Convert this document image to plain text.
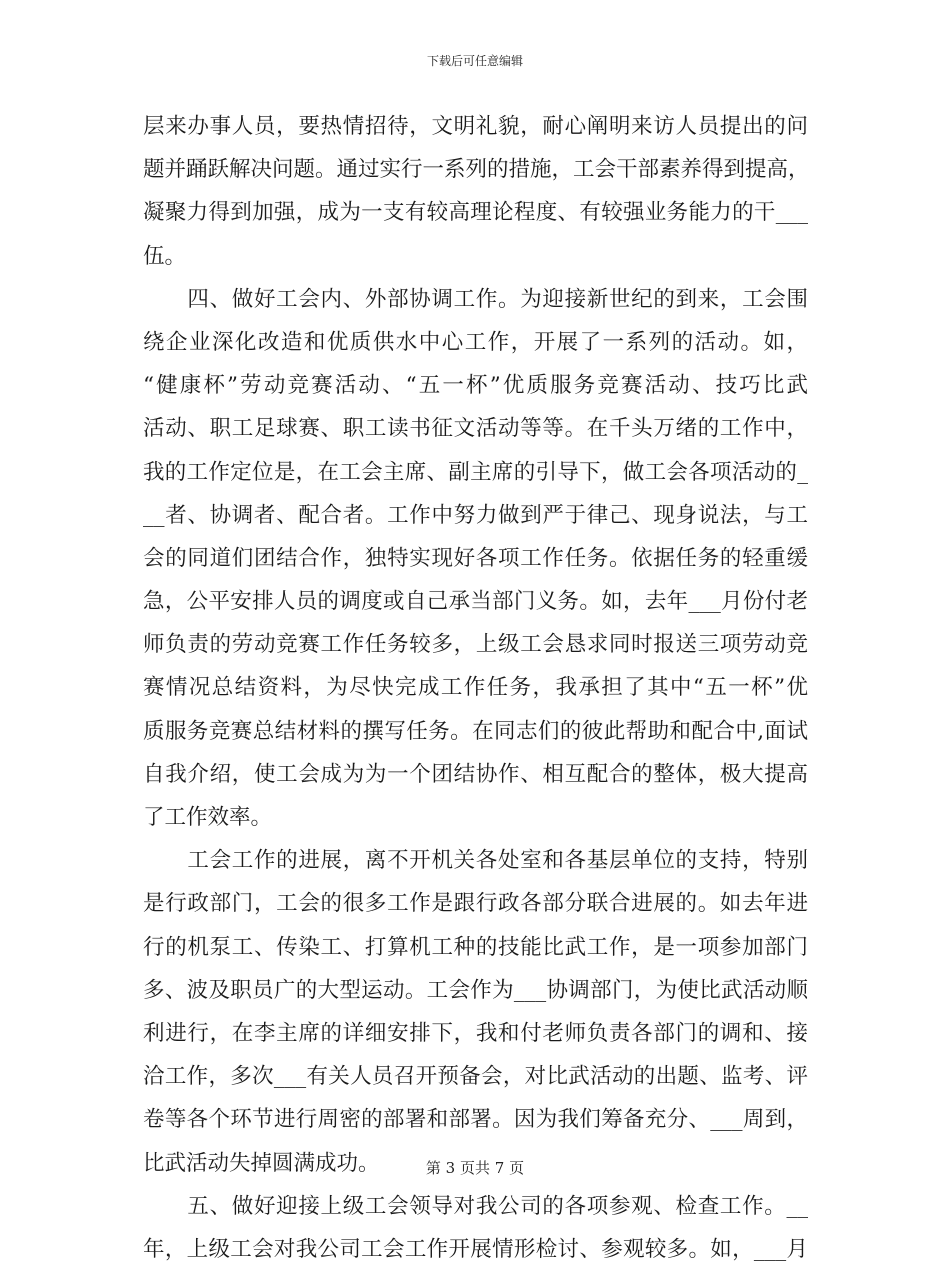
下载后可任意编辑
层来办事人员，要热情招待，文明礼貌，耐心阐明来访人员提出的问
题并踊跃解决问题。通过实行一系列的措施，工会干部素养得到提高，
凝聚力得到加强，成为一支有较高理论程度、有较强业务能力的干___
伍。
　　四、做好工会内、外部协调工作。为迎接新世纪的到来，工会围
绕企业深化改造和优质供水中心工作，开展了一系列的活动。如，
“健康杯”劳动竞赛活动、“五一杯”优质服务竞赛活动、技巧比武
活动、职工足球赛、职工读书征文活动等等。在千头万绪的工作中，
我的工作定位是，在工会主席、副主席的引导下，做工会各项活动的_
__者、协调者、配合者。工作中努力做到严于律己、现身说法，与工
会的同道们团结合作，独特实现好各项工作任务。依据任务的轻重缓
急，公平安排人员的调度或自己承当部门义务。如，去年___月份付老
师负责的劳动竞赛工作任务较多，上级工会恳求同时报送三项劳动竞
赛情况总结资料，为尽快完成工作任务，我承担了其中“五一杯”优
质服务竞赛总结材料的撰写任务。在同志们的彼此帮助和配合中,面试
自我介绍，使工会成为为一个团结协作、相互配合的整体，极大提高
了工作效率。
　　工会工作的进展，离不开机关各处室和各基层单位的支持，特别
是行政部门，工会的很多工作是跟行政各部分联合进展的。如去年进
行的机泵工、传染工、打算机工种的技能比武工作，是一项参加部门
多、波及职员广的大型运动。工会作为___协调部门，为使比武活动顺
利进行，在李主席的详细安排下，我和付老师负责各部门的调和、接
洽工作，多次___有关人员召开预备会，对比武活动的出题、监考、评
卷等各个环节进行周密的部署和部署。因为我们筹备充分、___周到，
比武活动失掉圆满成功。
　　五、做好迎接上级工会领导对我公司的各项参观、检查工作。__
年，上级工会对我公司工会工作开展情形检讨、参观较多。如，___月
第 3 页共 7 页
